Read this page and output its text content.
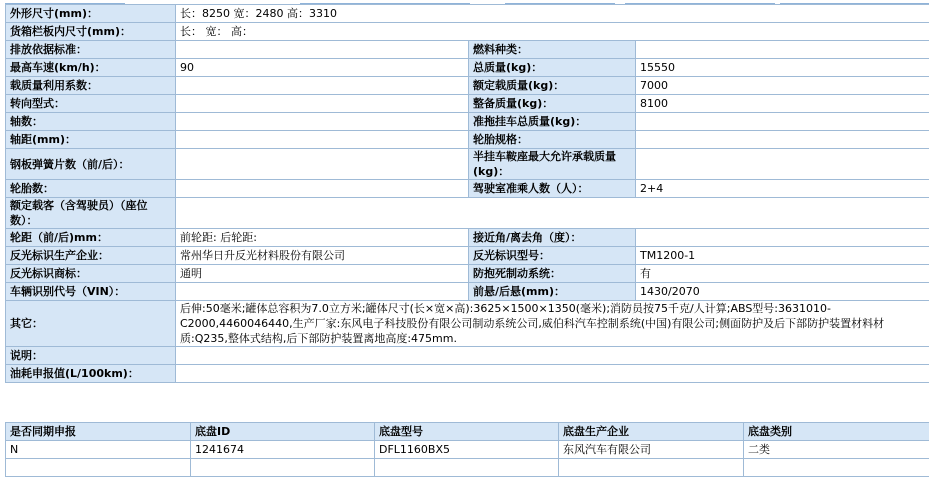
外形尺寸(mm)：	长：8250 宽：2480 高：3310		
货箱栏板内尺寸(mm)：	长： 宽： 高：		
排放依据标准：		燃料种类：	
最高车速(km/h)：	90	总质量(kg)：	15550
载质量利用系数：		额定载质量(kg)：	7000
转向型式：		整备质量(kg)：	8100
轴数：		准拖挂车总质量(kg)：	
轴距(mm)：		轮胎规格：	
钢板弹簧片数（前/后）：		半挂车鞍座最大允许承载质量(kg)：	
轮胎数：		驾驶室准乘人数（人）：	2+4
额定载客（含驾驶员）（座位数）：			
轮距（前/后)mm：	前轮距: 后轮距:	接近角/离去角（度）：	
反光标识生产企业：	常州华日升反光材料股份有限公司	反光标识型号：	TM1200-1
反光标识商标：	通明	防抱死制动系统：	有
车辆识别代号（VIN）：		前悬/后悬(mm)：	1430/2070
其它：	后伸:50毫米;罐体总容积为7.0立方米;罐体尺寸(长×宽×高):3625×1500×1350(毫米);消防员按75千克/人计算;ABS型号:3631010-C2000,4460046440,生产厂家:东风电子科技股份有限公司制动系统公司,威伯科汽车控制系统(中国)有限公司;侧面防护及后下部防护装置材料材质:Q235,整体式结构,后下部防护装置离地高度:475mm.		
说明：			
油耗申报值(L/100km)：			
是否同期申报	底盘ID	底盘型号	底盘生产企业	底盘类别
N	1241674	DFL1160BX5	东风汽车有限公司	二类
